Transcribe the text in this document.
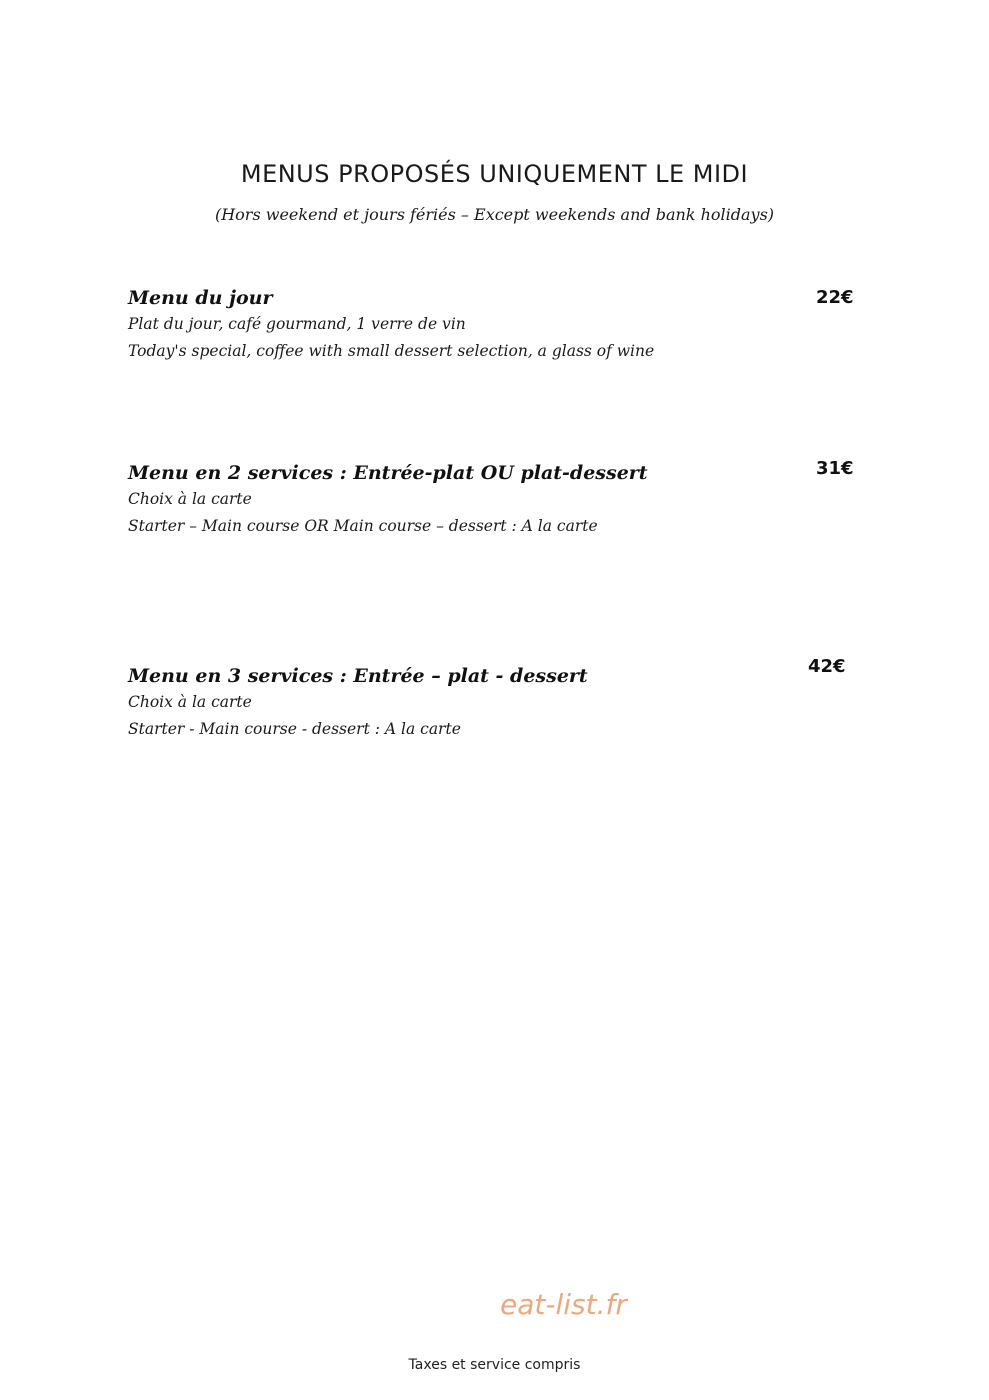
MENUS PROPOSÉS UNIQUEMENT LE MIDI
(Hors weekend et jours fériés – Except weekends and bank holidays)
Menu du jour
Plat du jour, café gourmand, 1 verre de vin
Today's special, coffee with small dessert selection, a glass of wine
22€
Menu en 2 services : Entrée-plat OU plat-dessert
Choix à la carte
Starter – Main course OR Main course – dessert : A la carte
31€
Menu en 3 services : Entrée – plat - dessert
Choix à la carte
Starter - Main course - dessert : A la carte
42€
eat-list.fr
Taxes et service compris
